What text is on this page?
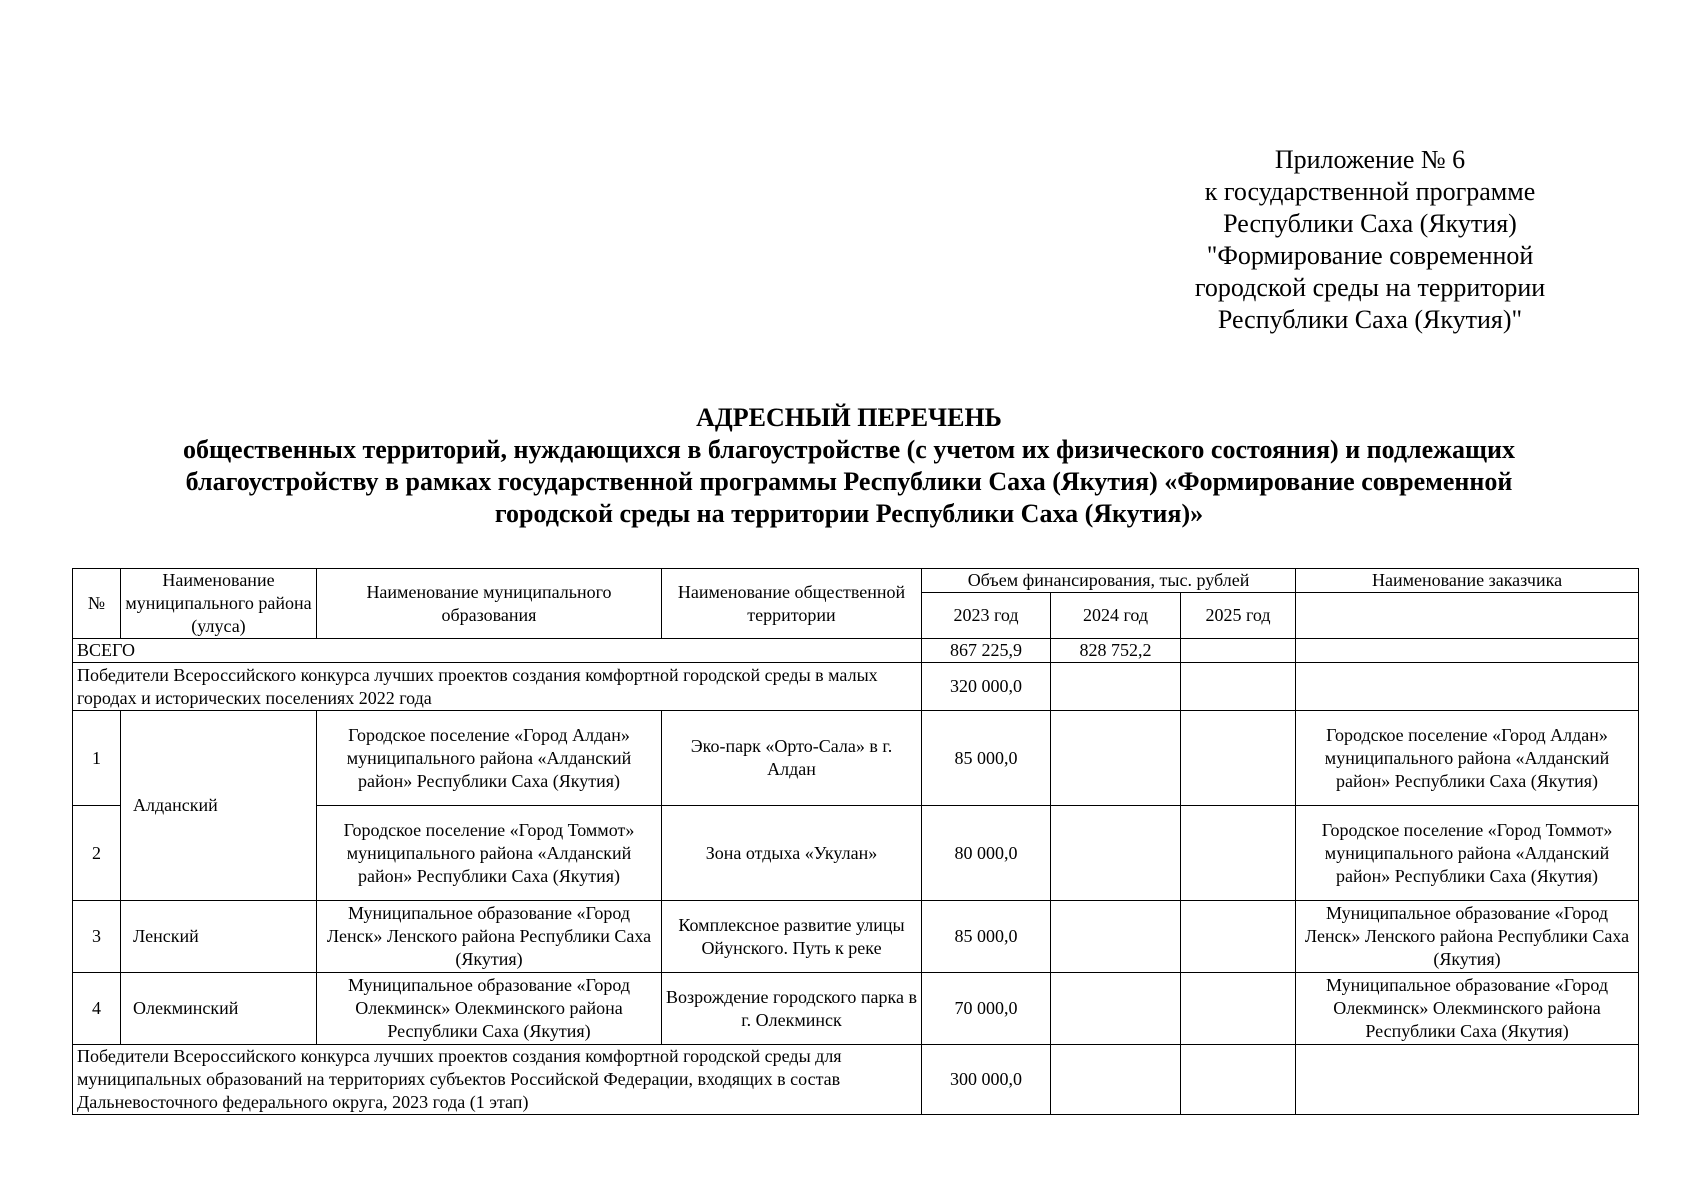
Приложение № 6
к государственной программе
Республики Саха (Якутия)
"Формирование современной
городской среды на территории
Республики Саха (Якутия)"
АДРЕСНЫЙ ПЕРЕЧЕНЬ
общественных территорий, нуждающихся в благоустройстве (с учетом их физического состояния) и подлежащих
благоустройству в рамках государственной программы Республики Саха (Якутия) «Формирование современной
городской среды на территории Республики Саха (Якутия)»
№	Наименование муниципального района (улуса)	Наименование муниципального образования	Наименование общественной территории	Объем финансирования, тыс. рублей			Наименование заказчика
				2023 год	2024 год	2025 год	
ВСЕГО				867 225,9	828 752,2		
Победители Всероссийского конкурса лучших проектов создания комфортной городской среды в малых городах и исторических поселениях 2022 года				320 000,0			
1	Алданский	Городское поселение «Город Алдан» муниципального района «Алданский район» Республики Саха (Якутия)	Эко-парк «Орто-Сала» в г. Алдан	85 000,0			Городское поселение «Город Алдан» муниципального района «Алданский район» Республики Саха (Якутия)
2		Городское поселение «Город Томмот» муниципального района «Алданский район» Республики Саха (Якутия)	Зона отдыха «Укулан»	80 000,0			Городское поселение «Город Томмот» муниципального района «Алданский район» Республики Саха (Якутия)
3	Ленский	Муниципальное образование «Город Ленск» Ленского района Республики Саха (Якутия)	Комплексное развитие улицы Ойунского. Путь к реке	85 000,0			Муниципальное образование «Город Ленск» Ленского района Республики Саха (Якутия)
4	Олекминский	Муниципальное образование «Город Олекминск» Олекминского района Республики Саха (Якутия)	Возрождение городского парка в г. Олекминск	70 000,0			Муниципальное образование «Город Олекминск» Олекминского района Республики Саха (Якутия)
Победители Всероссийского конкурса лучших проектов создания комфортной городской среды для муниципальных образований на территориях субъектов Российской Федерации, входящих в состав Дальневосточного федерального округа, 2023 года (1 этап)				300 000,0			
